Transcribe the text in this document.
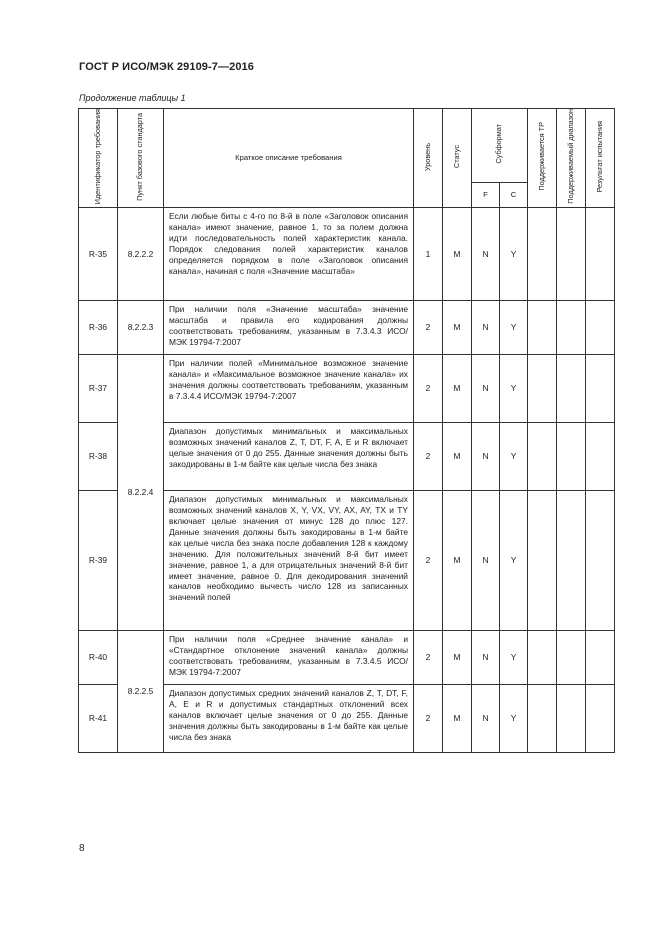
ГОСТ Р ИСО/МЭК 29109-7—2016
Продолжение таблицы 1
Идентификатор требования	Пункт базового стандарта	Краткое описание требования	Уровень	Статус	Субформат		Поддерживается ТР	Поддерживаемый диапазон	Результат испытания
					F	C			
R-35	8.2.2.2	Если любые биты с 4-го по 8-й в поле «Заголовок описания канала» имеют значение, равное 1, то за полем должна идти последовательность полей характеристик канала. Порядок следования полей характеристик каналов определяется порядком в поле «Заголовок описания канала», начиная с поля «Значение масштаба»	1	M	N	Y			
R-36	8.2.2.3	При наличии поля «Значение масштаба» значение масштаба и правила его кодирования должны соответствовать требованиям, указанным в 7.3.4.3 ИСО/МЭК 19794-7:2007	2	M	N	Y			
R-37	8.2.2.4	При наличии полей «Минимальное возможное значение канала» и «Максимальное возможное значение канала» их значения должны соответствовать требованиям, указанным в 7.3.4.4 ИСО/МЭК 19794-7:2007	2	M	N	Y			
R-38		Диапазон допустимых минимальных и максимальных возможных значений каналов Z, T, DT, F, A, E и R включает целые значения от 0 до 255. Данные значения должны быть закодированы в 1-м байте как целые числа без знака	2	M	N	Y			
R-39		Диапазон допустимых минимальных и максимальных возможных значений каналов X, Y, VX, VY, AX, AY, TX и TY включает целые значения от минус 128 до плюс 127. Данные значения должны быть закодированы в 1-м байте как целые числа без знака после добавления 128 к каждому значению. Для положительных значений 8-й бит имеет значение, равное 1, а для отрицательных значений 8-й бит имеет значение, равное 0. Для декодирования значений каналов необходимо вычесть число 128 из записанных значений полей	2	M	N	Y			
R-40	8.2.2.5	При наличии поля «Среднее значение канала» и «Стандартное отклонение значений канала» должны соответствовать требованиям, указанным в 7.3.4.5 ИСО/МЭК 19794-7:2007	2	M	N	Y			
R-41		Диапазон допустимых средних значений каналов Z, T, DT, F, A, E и R и допустимых стандартных отклонений всех каналов включает целые значения от 0 до 255. Данные значения должны быть закодированы в 1-м байте как целые числа без знака	2	M	N	Y			
8
